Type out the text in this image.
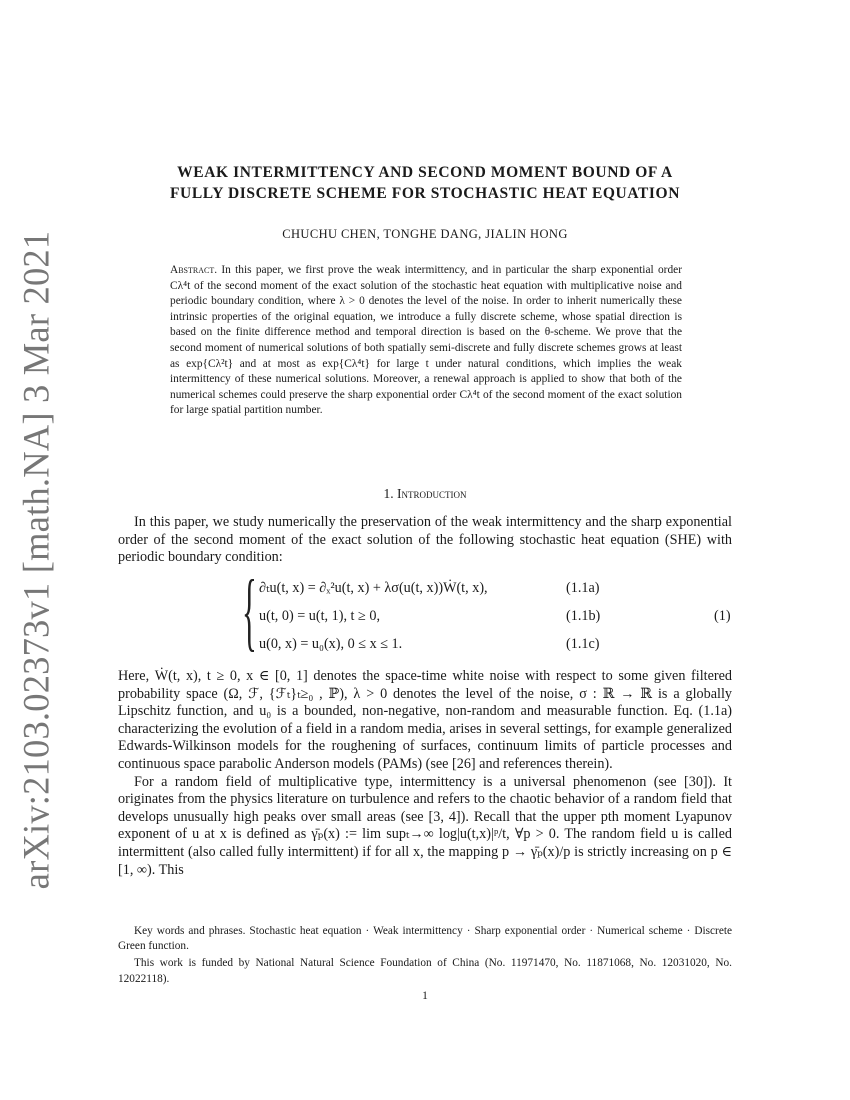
arXiv:2103.02373v1 [math.NA] 3 Mar 2021
WEAK INTERMITTENCY AND SECOND MOMENT BOUND OF A
FULLY DISCRETE SCHEME FOR STOCHASTIC HEAT EQUATION
CHUCHU CHEN, TONGHE DANG, JIALIN HONG
Abstract. In this paper, we first prove the weak intermittency, and in particular the sharp exponential order Cλ⁴t of the second moment of the exact solution of the stochastic heat equation with multiplicative noise and periodic boundary condition, where λ > 0 denotes the level of the noise. In order to inherit numerically these intrinsic properties of the original equation, we introduce a fully discrete scheme, whose spatial direction is based on the finite difference method and temporal direction is based on the θ-scheme. We prove that the second moment of numerical solutions of both spatially semi-discrete and fully discrete schemes grows at least as exp{Cλ²t} and at most as exp{Cλ⁴t} for large t under natural conditions, which implies the weak intermittency of these numerical solutions. Moreover, a renewal approach is applied to show that both of the numerical schemes could preserve the sharp exponential order Cλ⁴t of the second moment of the exact solution for large spatial partition number.
1. Introduction

In this paper, we study numerically the preservation of the weak intermittency and the sharp exponential order of the second moment of the exact solution of the following stochastic heat equation (SHE) with periodic boundary condition:

{ ∂ₜu(t, x) = ∂ₓ²u(t, x) + λσ(u(t, x))Ẇ(t, x),	(1.1a)
u(t, 0) = u(t, 1), t ≥ 0,	(1.1b)
u(0, x) = u₀(x), 0 ≤ x ≤ 1.	(1.1c)
(1)

Here, Ẇ(t, x), t ≥ 0, x ∈ [0, 1] denotes the space-time white noise with respect to some given filtered probability space (Ω, ℱ, {ℱₜ}ₜ≥₀ , ℙ), λ > 0 denotes the level of the noise, σ : ℝ → ℝ is a globally Lipschitz function, and u₀ is a bounded, non-negative, non-random and measurable function. Eq. (1.1a) characterizing the evolution of a field in a random media, arises in several settings, for example generalized Edwards-Wilkinson models for the roughening of surfaces, continuum limits of particle processes and continuous space parabolic Anderson models (PAMs) (see [26] and references therein).

For a random field of multiplicative type, intermittency is a universal phenomenon (see [30]). It originates from the physics literature on turbulence and refers to the chaotic behavior of a random field that develops unusually high peaks over small areas (see [3, 4]). Recall that the upper pth moment Lyapunov exponent of u at x is defined as γ̄ₚ(x) := lim supₜ→∞ log|u(t,x)|ᵖ/t, ∀p > 0. The random field u is called intermittent (also called fully intermittent) if for all x, the mapping p → γ̄ₚ(x)/p is strictly increasing on p ∈ [1, ∞). This

Key words and phrases. Stochastic heat equation · Weak intermittency · Sharp exponential order · Numerical scheme · Discrete Green function.

This work is funded by National Natural Science Foundation of China (No. 11971470, No. 11871068, No. 12031020, No. 12022118).

1
